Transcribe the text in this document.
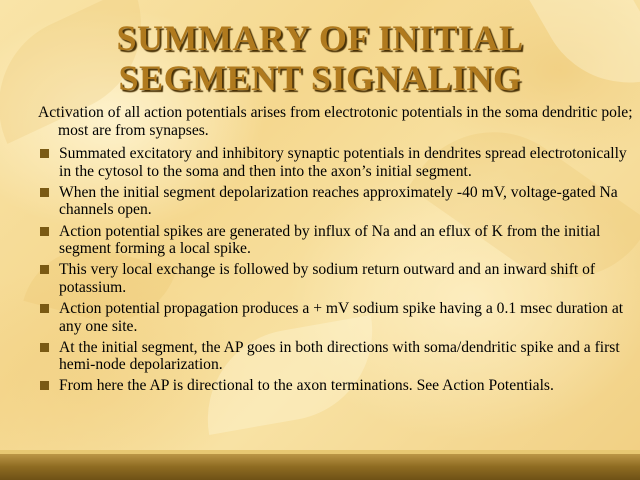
SUMMARY OF INITIAL
SEGMENT SIGNALING

Activation of all action potentials arises from electrotonic potentials in the soma dendritic pole; most are from synapses.

Summated excitatory and inhibitory synaptic potentials in dendrites spread electrotonically in the cytosol to the soma and then into the axon’s initial segment.
When the initial segment depolarization reaches approximately -40 mV, voltage-gated Na channels open.
Action potential spikes are generated by influx of Na and an eflux of K from the initial segment forming a local spike.
This very local exchange is followed by sodium return outward and an inward shift of potassium.
Action potential propagation produces a + mV sodium spike having a 0.1 msec duration at any one site.
At the initial segment, the AP goes in both directions with soma/dendritic spike and a first hemi-node depolarization.
From here the AP is directional to the axon terminations. See Action Potentials.
